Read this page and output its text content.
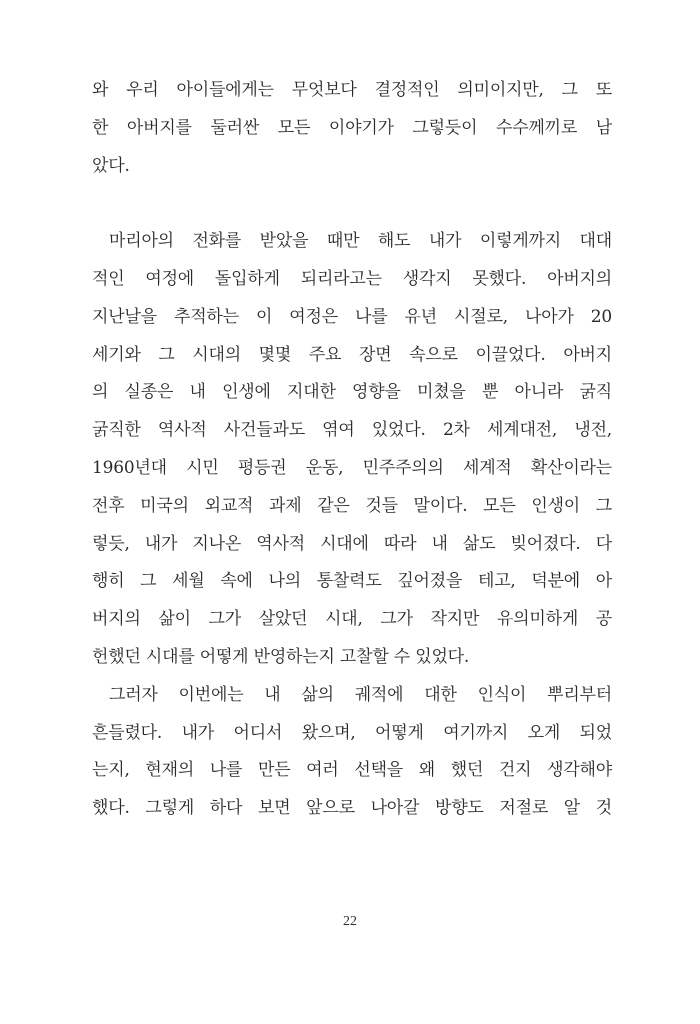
와 우리 아이들에게는 무엇보다 결정적인 의미이지만, 그 또
한 아버지를 둘러싼 모든 이야기가 그렇듯이 수수께끼로 남
았다.
마리아의 전화를 받았을 때만 해도 내가 이렇게까지 대대
적인 여정에 돌입하게 되리라고는 생각지 못했다. 아버지의
지난날을 추적하는 이 여정은 나를 유년 시절로, 나아가 20
세기와 그 시대의 몇몇 주요 장면 속으로 이끌었다. 아버지
의 실종은 내 인생에 지대한 영향을 미쳤을 뿐 아니라 굵직
굵직한 역사적 사건들과도 엮여 있었다. 2차 세계대전, 냉전,
1960년대 시민 평등권 운동, 민주주의의 세계적 확산이라는
전후 미국의 외교적 과제 같은 것들 말이다. 모든 인생이 그
렇듯, 내가 지나온 역사적 시대에 따라 내 삶도 빚어졌다. 다
행히 그 세월 속에 나의 통찰력도 깊어졌을 테고, 덕분에 아
버지의 삶이 그가 살았던 시대, 그가 작지만 유의미하게 공
헌했던 시대를 어떻게 반영하는지 고찰할 수 있었다.
그러자 이번에는 내 삶의 궤적에 대한 인식이 뿌리부터
흔들렸다. 내가 어디서 왔으며, 어떻게 여기까지 오게 되었
는지, 현재의 나를 만든 여러 선택을 왜 했던 건지 생각해야
했다. 그렇게 하다 보면 앞으로 나아갈 방향도 저절로 알 것
22
